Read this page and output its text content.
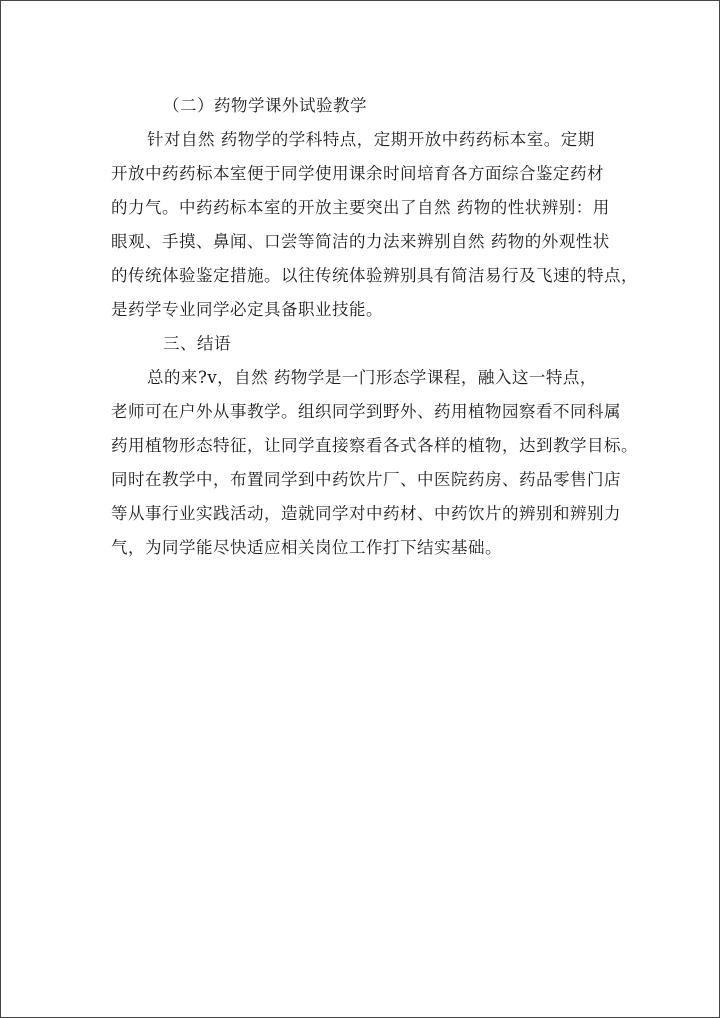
（二）药物学课外试验教学
针对自然 药物学的学科特点，定期开放中药药标本室。定期
开放中药药标本室便于同学使用课余时间培育各方面综合鉴定药材
的力气。中药药标本室的开放主要突出了自然 药物的性状辨别：用
眼观、手摸、鼻闻、口尝等简洁的力法来辨别自然 药物的外观性状
的传统体验鉴定措施。以往传统体验辨别具有简洁易行及飞速的特点，
是药学专业同学必定具备职业技能。
三、结语
总的来?v，自然 药物学是一门形态学课程，融入这一特点，
老师可在户外从事教学。组织同学到野外、药用植物园察看不同科属
药用植物形态特征，让同学直接察看各式各样的植物，达到教学目标。
同时在教学中，布置同学到中药饮片厂、中医院药房、药品零售门店
等从事行业实践活动，造就同学对中药材、中药饮片的辨别和辨别力
气，为同学能尽快适应相关岗位工作打下结实基础。
